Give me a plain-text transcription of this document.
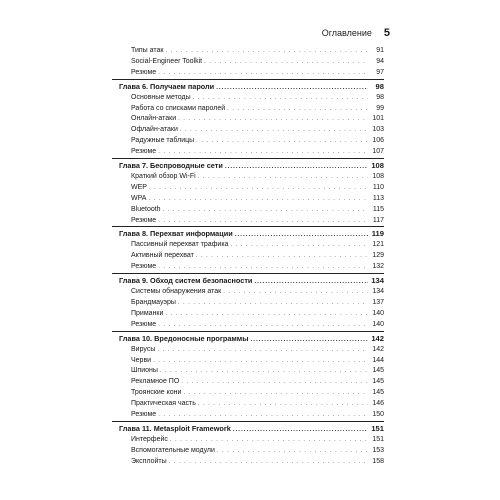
Оглавление 5
Типы атак . . .	91
Social-Engineer Toolkit . . .	94
Резюме . . .	97
Глава 6. Получаем пароли .....	98
Основные методы . . .	98
Работа со списками паролей . . .	99
Онлайн-атаки . . .	101
Офлайн-атаки . . .	103
Радужные таблицы . . .	106
Резюме . . .	107
Глава 7. Беспроводные сети .....	108
Краткий обзор Wi-Fi . . .	108
WEP . . .	110
WPA . . .	113
Bluetooth . . .	115
Резюме . . .	117
Глава 8. Перехват информации .....	119
Пассивный перехват трафика . . .	121
Активный перехват . . .	129
Резюме . . .	132
Глава 9. Обход систем безопасности .....	134
Системы обнаружения атак . . .	134
Брандмауэры . . .	137
Приманки . . .	140
Резюме . . .	140
Глава 10. Вредоносные программы .....	142
Вирусы . . .	142
Черви . . .	144
Шпионы . . .	145
Рекламное ПО . . .	145
Троянские кони . . .	145
Практическая часть . . .	146
Резюме . . .	150
Глава 11. Metasploit Framework .....	151
Интерфейс . . .	151
Вспомогательные модули . . .	153
Эксплойты . . .	158
